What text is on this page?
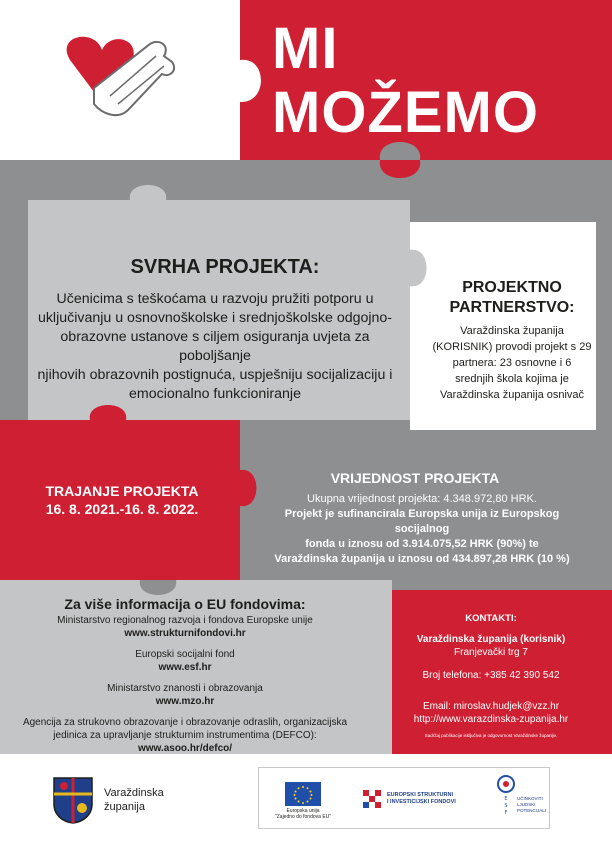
MI
MOŽEMO
SVRHA PROJEKTA:
Učenicima s teškoćama u razvoju pružiti potporu u
uključivanju u osnovnoškolske i srednjoškolske odgojno-
obrazovne ustanove s ciljem osiguranja uvjeta za poboljšanje
njihovih obrazovnih postignuća, uspješniju socijalizaciju i
emocionalno funkcioniranje
PROJEKTNO
PARTNERSTVO:
Varaždinska županija
(KORISNIK) provodi projekt s 29
partnera: 23 osnovne i 6
srednjih škola kojima je
Varaždinska županija osnivač
TRAJANJE PROJEKTA
16. 8. 2021.-16. 8. 2022.
VRIJEDNOST PROJEKTA
Ukupna vrijednost projekta: 4.348.972,80 HRK.
Projekt je sufinancirala Europska unija iz Europskog socijalnog
fonda u iznosu od 3.914.075,52 HRK (90%) te
Varaždinska županija u iznosu od 434.897,28 HRK (10 %)
Za više informacija o EU fondovima:
Ministarstvo regionalnog razvoja i fondova Europske unije
www.strukturnifondovi.hr
Europski socijalni fond
www.esf.hr
Ministarstvo znanosti i obrazovanja
www.mzo.hr
Agencija za strukovno obrazovanje i obrazovanje odraslih, organizacijska
jedinica za upravljanje strukturnim instrumentima (DEFCO):
www.asoo.hr/defco/
KONTAKTI:
Varaždinska županija (korisnik)
Franjevački trg 7
Broj telefona: +385 42 390 542
Email: miroslav.hudjek@vzz.hr
http://www.varazdinska-zupanija.hr
Sadržaj publikacije isključiva je odgovornost Varaždinske županije.
Varaždinska
županija	Europska unija
"Zajedno do fondova EU"
EUROPSKI STRUKTURNI
I INVESTICIJSKI FONDOVI	E
S
F
UČINKOVITI
LJUDSKI
POTENCIJALI
